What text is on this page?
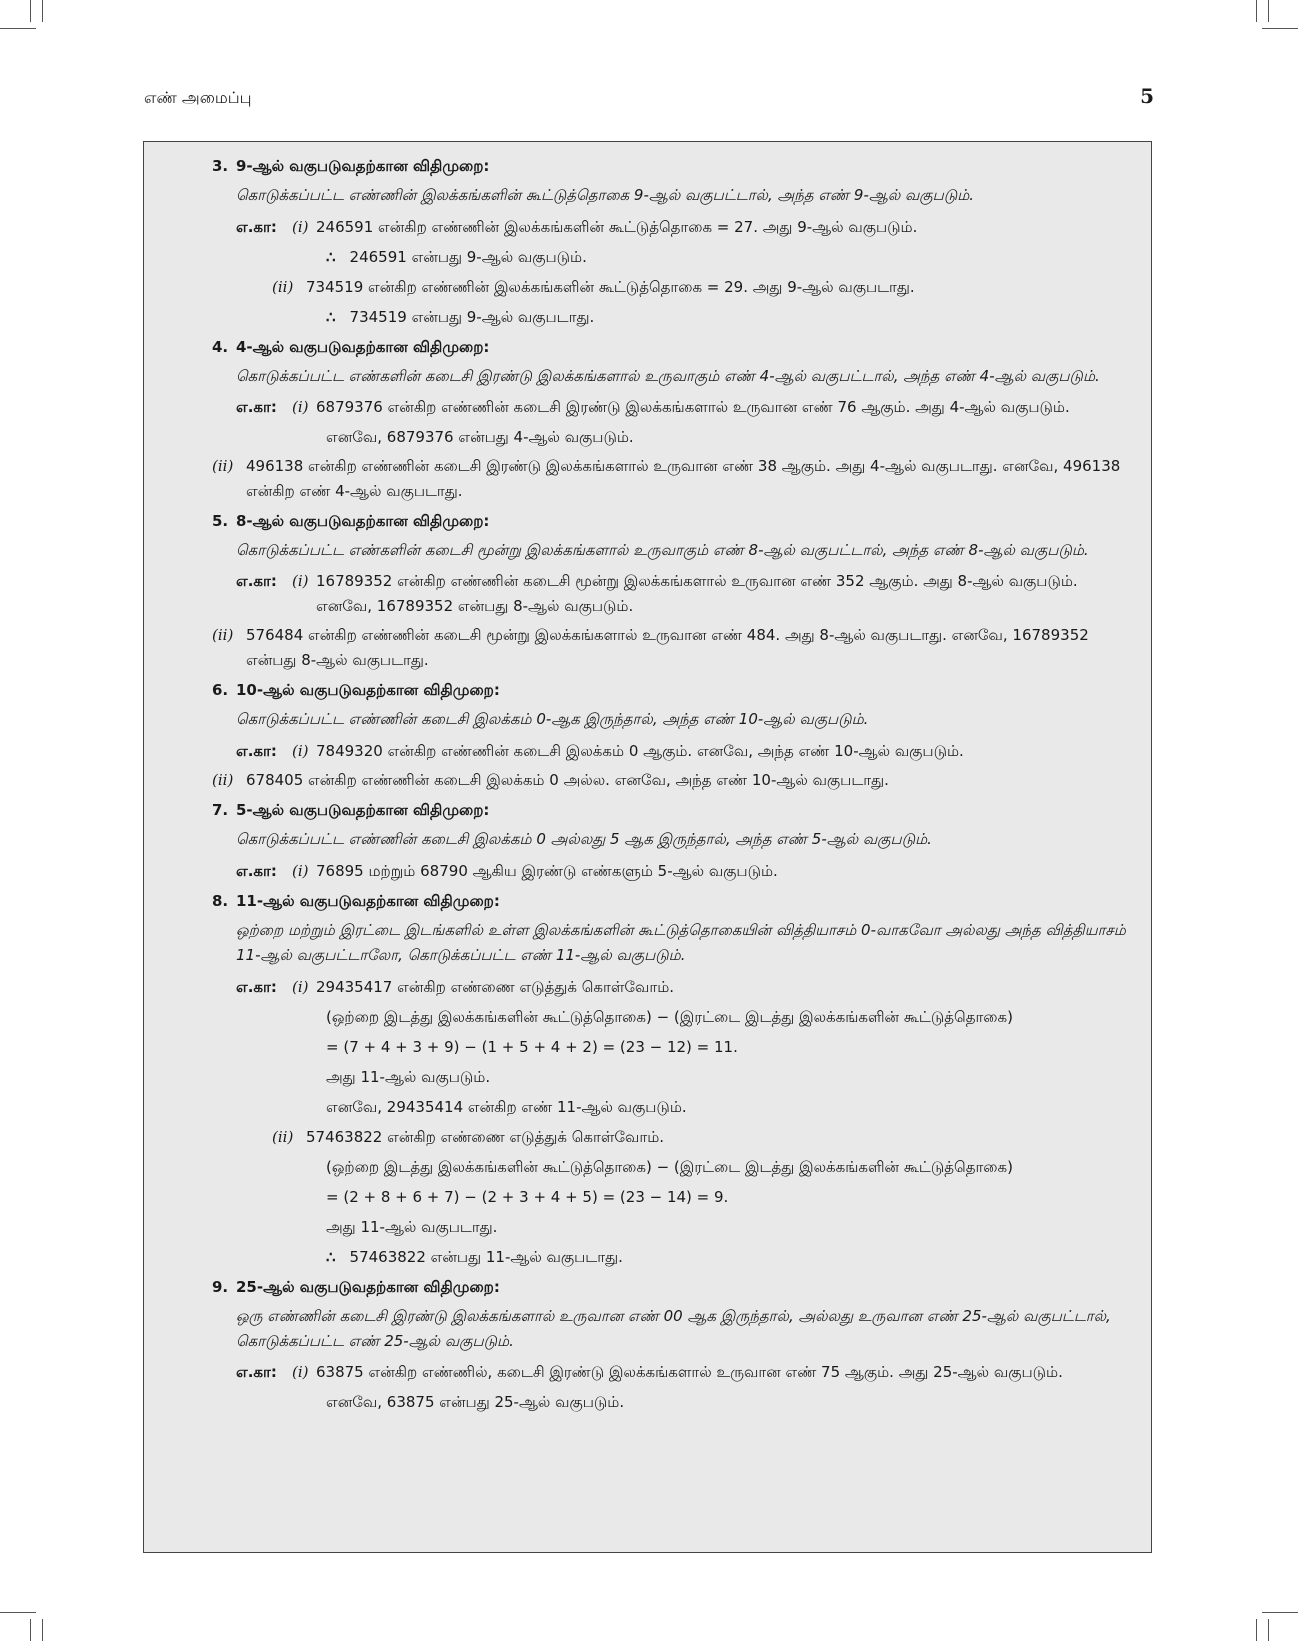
எண் அமைப்பு	5
3. 9-ஆல் வகுபடுவதற்கான விதிமுறை:
கொடுக்கப்பட்ட எண்ணின் இலக்கங்களின் கூட்டுத்தொகை 9-ஆல் வகுபட்டால், அந்த எண் 9-ஆல் வகுபடும்.
எ.கா:	(i) 246591 என்கிற எண்ணின் இலக்கங்களின் கூட்டுத்தொகை = 27. அது 9-ஆல் வகுபடும்.
∴ 246591 என்பது 9-ஆல் வகுபடும்.
(ii) 734519 என்கிற எண்ணின் இலக்கங்களின் கூட்டுத்தொகை = 29. அது 9-ஆல் வகுபடாது.
∴ 734519 என்பது 9-ஆல் வகுபடாது.
4. 4-ஆல் வகுபடுவதற்கான விதிமுறை:
கொடுக்கப்பட்ட எண்களின் கடைசி இரண்டு இலக்கங்களால் உருவாகும் எண் 4-ஆல் வகுபட்டால், அந்த எண் 4-ஆல் வகுபடும்.
எ.கா:	(i) 6879376 என்கிற எண்ணின் கடைசி இரண்டு இலக்கங்களால் உருவான எண் 76 ஆகும். அது 4-ஆல் வகுபடும்.
எனவே, 6879376 என்பது 4-ஆல் வகுபடும்.
(ii) 496138 என்கிற எண்ணின் கடைசி இரண்டு இலக்கங்களால் உருவான எண் 38 ஆகும். அது 4-ஆல் வகுபடாது. எனவே, 496138 என்கிற எண் 4-ஆல் வகுபடாது.
5. 8-ஆல் வகுபடுவதற்கான விதிமுறை:
கொடுக்கப்பட்ட எண்களின் கடைசி மூன்று இலக்கங்களால் உருவாகும் எண் 8-ஆல் வகுபட்டால், அந்த எண் 8-ஆல் வகுபடும்.
எ.கா:	(i) 16789352 என்கிற எண்ணின் கடைசி மூன்று இலக்கங்களால் உருவான எண் 352 ஆகும். அது 8-ஆல் வகுபடும். எனவே, 16789352 என்பது 8-ஆல் வகுபடும்.
(ii) 576484 என்கிற எண்ணின் கடைசி மூன்று இலக்கங்களால் உருவான எண் 484. அது 8-ஆல் வகுபடாது. எனவே, 16789352 என்பது 8-ஆல் வகுபடாது.
6. 10-ஆல் வகுபடுவதற்கான விதிமுறை:
கொடுக்கப்பட்ட எண்ணின் கடைசி இலக்கம் 0-ஆக இருந்தால், அந்த எண் 10-ஆல் வகுபடும்.
எ.கா:	(i) 7849320 என்கிற எண்ணின் கடைசி இலக்கம் 0 ஆகும். எனவே, அந்த எண் 10-ஆல் வகுபடும்.
(ii) 678405 என்கிற எண்ணின் கடைசி இலக்கம் 0 அல்ல. எனவே, அந்த எண் 10-ஆல் வகுபடாது.
7. 5-ஆல் வகுபடுவதற்கான விதிமுறை:
கொடுக்கப்பட்ட எண்ணின் கடைசி இலக்கம் 0 அல்லது 5 ஆக இருந்தால், அந்த எண் 5-ஆல் வகுபடும்.
எ.கா:	(i) 76895 மற்றும் 68790 ஆகிய இரண்டு எண்களும் 5-ஆல் வகுபடும்.
8. 11-ஆல் வகுபடுவதற்கான விதிமுறை:
ஒற்றை மற்றும் இரட்டை இடங்களில் உள்ள இலக்கங்களின் கூட்டுத்தொகையின் வித்தியாசம் 0-வாகவோ அல்லது அந்த வித்தியாசம் 11-ஆல் வகுபட்டாலோ, கொடுக்கப்பட்ட எண் 11-ஆல் வகுபடும்.
எ.கா:	(i) 29435417 என்கிற எண்ணை எடுத்துக் கொள்வோம்.
(ஒற்றை இடத்து இலக்கங்களின் கூட்டுத்தொகை) − (இரட்டை இடத்து இலக்கங்களின் கூட்டுத்தொகை)
= (7 + 4 + 3 + 9) − (1 + 5 + 4 + 2) = (23 − 12) = 11.
அது 11-ஆல் வகுபடும்.
எனவே, 29435414 என்கிற எண் 11-ஆல் வகுபடும்.
(ii) 57463822 என்கிற எண்ணை எடுத்துக் கொள்வோம்.
(ஒற்றை இடத்து இலக்கங்களின் கூட்டுத்தொகை) − (இரட்டை இடத்து இலக்கங்களின் கூட்டுத்தொகை)
= (2 + 8 + 6 + 7) − (2 + 3 + 4 + 5) = (23 − 14) = 9.
அது 11-ஆல் வகுபடாது.
∴ 57463822 என்பது 11-ஆல் வகுபடாது.
9. 25-ஆல் வகுபடுவதற்கான விதிமுறை:
ஒரு எண்ணின் கடைசி இரண்டு இலக்கங்களால் உருவான எண் 00 ஆக இருந்தால், அல்லது உருவான எண் 25-ஆல் வகுபட்டால், கொடுக்கப்பட்ட எண் 25-ஆல் வகுபடும்.
எ.கா:	(i) 63875 என்கிற எண்ணில், கடைசி இரண்டு இலக்கங்களால் உருவான எண் 75 ஆகும். அது 25-ஆல் வகுபடும்.
எனவே, 63875 என்பது 25-ஆல் வகுபடும்.
